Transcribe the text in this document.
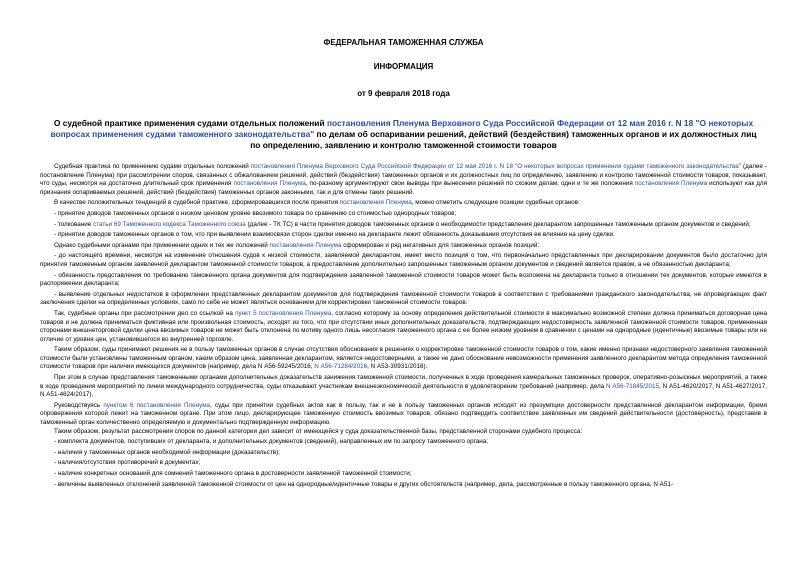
ФЕДЕРАЛЬНАЯ ТАМОЖЕННАЯ СЛУЖБА
ИНФОРМАЦИЯ
от 9 февраля 2018 года
О судебной практике применения судами отдельных положений постановления Пленума Верховного Суда Российской Федерации от 12 мая 2016 г. N 18 "О некоторых вопросах применения судами таможенного законодательства" по делам об оспаривании решений, действий (бездействия) таможенных органов и их должностных лиц по определению, заявлению и контролю таможенной стоимости товаров

Судебная практика по применению судами отдельных положений постановления Пленума Верховного Суда Российской Федерации от 12 мая 2016 г. N 18 "О некоторых вопросах применения судами таможенного законодательства" (далее - постановление Пленума) при рассмотрении споров, связанных с обжалованием решений, действий (бездействия) таможенных органов и их должностных лиц по определению, заявлению и контролю таможенной стоимости товаров, показывает, что суды, несмотря на достаточно длительный срок применения постановления Пленума, по-разному аргументируют свои выводы при вынесении решений по схожим делам, одни и те же положения постановления Пленума используют как для признания оспариваемых решений, действий (бездействия) таможенных органов законными, так и для отмены таких решений.

В качестве положительных тенденций в судебной практике, сформировавшихся после принятия постановления Пленума, можно отметить следующие позиции судебных органов:

- принятие доводов таможенных органов о низком ценовом уровне ввозимого товара по сравнению со стоимостью однородных товаров;

- толкование статьи 69 Таможенного кодекса Таможенного союза (далее - ТК ТС) в части принятия доводов таможенных органов о необходимости представления декларантом запрошенных таможенным органом документов и сведений;

- принятие доводов таможенных органов о том, что при выявлении взаимосвязи сторон сделки именно на декларанте лежит обязанность доказывания отсутствия ее влияния на цену сделки.

Однако судебными органами при применении одних и тех же положений постановления Пленума сформирован и ряд негативных для таможенных органов позиций:

- до настоящего времени, несмотря на изменение отношения судов к низкой стоимости, заявляемой декларантом, имеет место позиция о том, что первоначально представленных при декларировании документов было достаточно для принятия таможенным органом заявленной декларантом таможенной стоимости товаров, а предоставление дополнительно запрошенных таможенным органом документов и сведений является правом, а не обязанностью декларанта;

- обязанность представления по требованию таможенного органа документов для подтверждения заявленной таможенной стоимости товаров может быть возложена на декларанта только в отношении тех документов, которые имеются в распоряжении декларанта;

- выявление отдельных недостатков в оформлении представленных декларантом документов для подтверждения таможенной стоимости товаров в соответствии с требованиями гражданского законодательства, не опровергающих факт заключения сделки на определенных условиях, само по себе не может являться основанием для корректировки таможенной стоимости товаров.

Так, судебные органы при рассмотрении дел со ссылкой на пункт 5 постановления Пленума, согласно которому за основу определения действительной стоимости в максимально возможной степени должна приниматься договорная цена товаров и не должна приниматься фиктивная или произвольная стоимость, исходят из того, что при отсутствии иных дополнительных доказательств, подтверждающих недостоверность заявленной таможенной стоимости товаров, примененная сторонами внешнеторговой сделки цена ввозимых товаров не может быть отклонена по мотиву одного лишь несогласия таможенного органа с ее более низким уровнем в сравнении с ценами на однородные (идентичные) ввозимые товары или не отличие от уровня цен, установившегося во внутренней торговле.

Таким образом, суды принимают решения не в пользу таможенных органов в случае отсутствия обоснования в решениях о корректировке таможенной стоимости товаров о том, какие именно признаки недостоверного заявления таможенной стоимости были установлены таможенным органом, каким образом цена, заявленная декларантом, является недостоверными, а также не дано обоснование невозможности применения заявленного декларантом метода определения таможенной стоимости товаров при наличии имеющихся документов (например, дела N А56-59245/2016, N А56-71284/2016, N А53-30931/2016).

При этом в случае представления таможенными органами дополнительных доказательств занижения таможенной стоимости, полученных в ходе проведения камеральных таможенных проверок, оперативно-розыскных мероприятий, а также в ходе проведения мероприятий по линии международного сотрудничества, суды отказывают участникам внешнеэкономической деятельности в удовлетворении требований (например, дела N А56-71845/2015, N А51-4620/2017, N А51-4627/2017, N А51-4624/2017).

Руководствуясь пунктом 6 постановления Пленума, суды при принятии судебных актов как в пользу, так и не в пользу таможенных органов исходят из презумпции достоверности представленной декларантом информации, бремя опровержения которой лежит на таможенном органе. При этом лицо, декларирующее таможенную стоимость ввозимых товаров, обязано подтвердить соответствие заявленных им сведений действительности (достоверность), представив в таможенный орган количественно определяемую и документально подтвержденную информацию.

Таким образом, результат рассмотрения споров по данной категории дел зависит от имеющейся у суда доказательственной базы, представленной сторонами судебного процесса:

- комплекта документов, поступивших от декларанта, и дополнительных документов (сведений), направленных им по запросу таможенного органа;

- наличия у таможенных органов необходимой информации (доказательств);

- наличия/отсутствия противоречий в документах;

- наличие конкретных оснований для сомнений таможенного органа в достоверности заявленной таможенной стоимости;

- величины выявленных отклонений заявленной таможенной стоимости от цен на однородные/идентичные товары и других обстоятельств (например, дела, рассмотренные в пользу таможенного органа, N А51-
